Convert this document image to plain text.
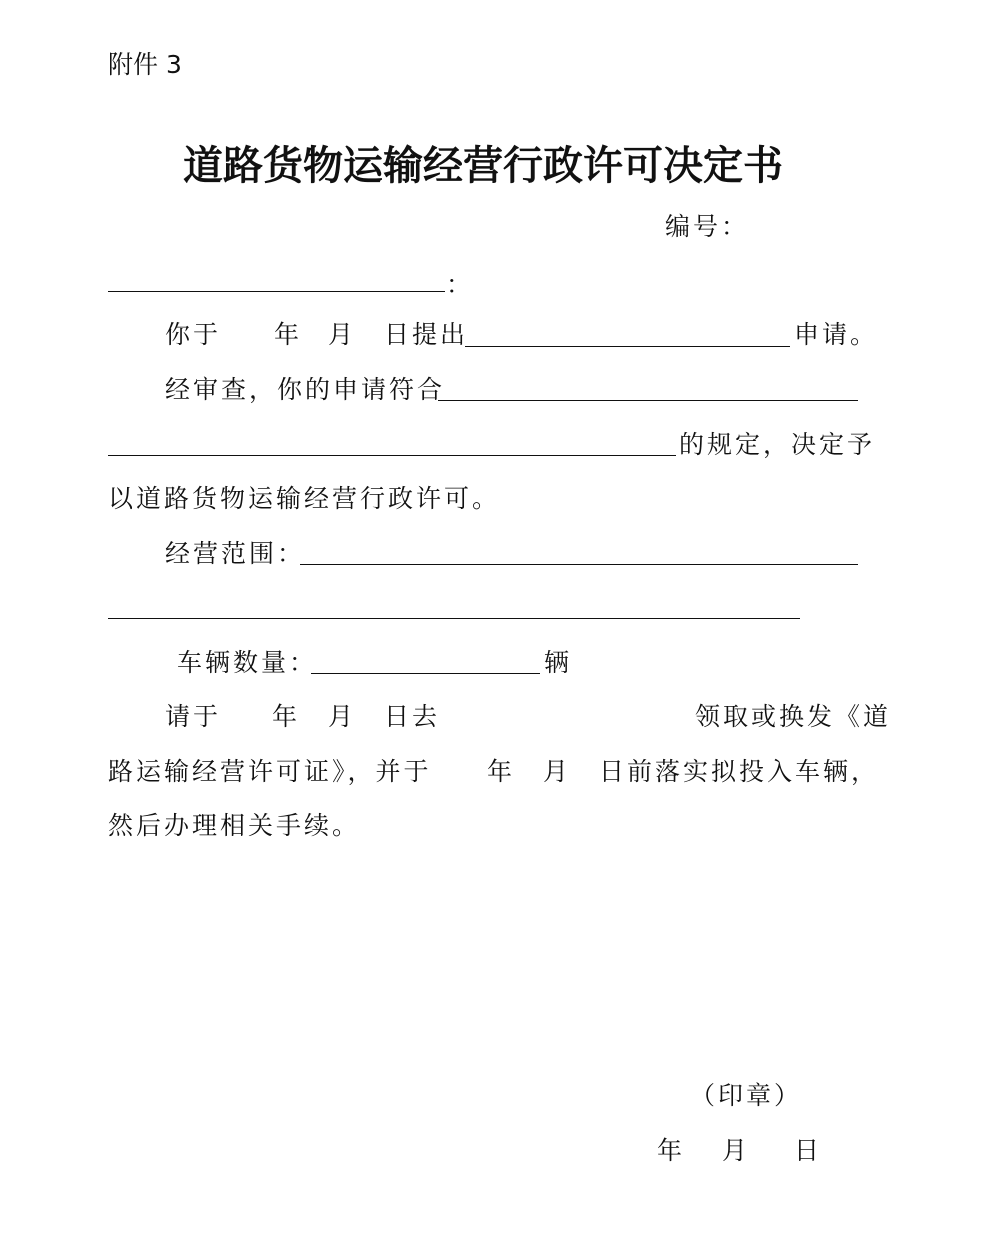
附件 3
道路货物运输经营行政许可决定书
编号：
：
你于 年 月 日提出	申请。
经审查，你的申请符合
的规定，决定予
以道路货物运输经营行政许可。
经营范围：
车辆数量：	辆
请于 年 月 日去	领取或换发《道
路运输经营许可证》，并于 年 月 日前落实拟投入车辆，
然后办理相关手续。
（印章）
年 月 日
